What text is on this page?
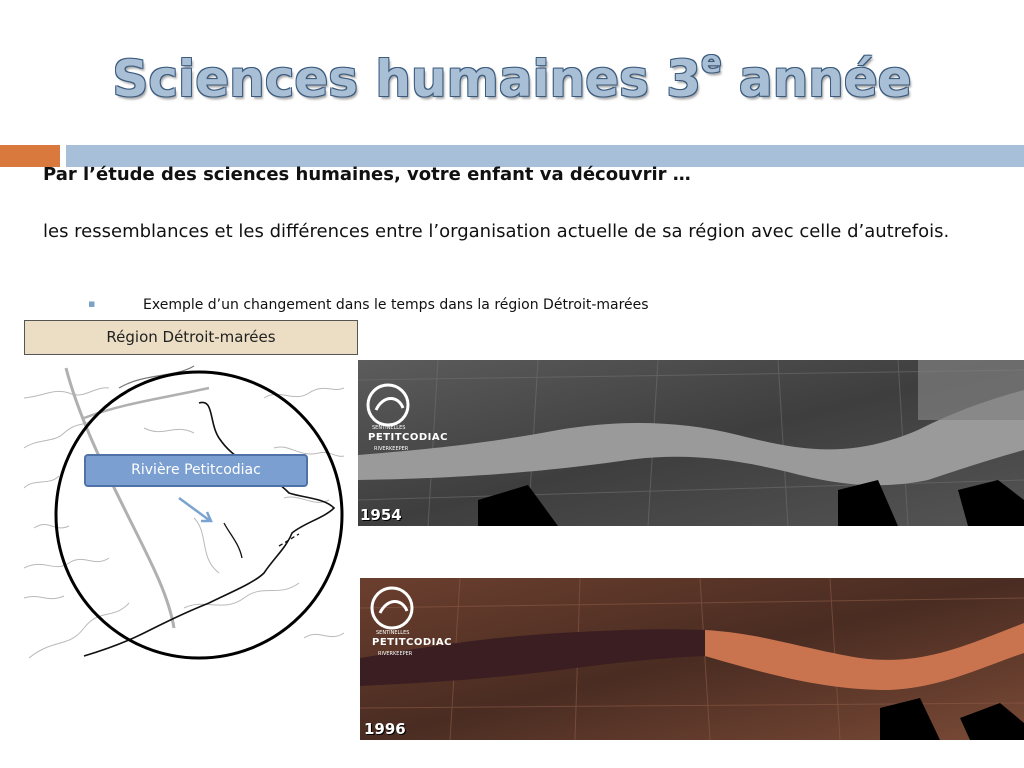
Sciences humaines 3e année
Par l’étude des sciences humaines, votre enfant va découvrir …
les ressemblances et les différences entre l’organisation actuelle de sa région avec celle d’autrefois.
▪	Exemple d’un changement dans le temps dans la région Détroit-marées
Région Détroit-marées
Rivière Petitcodiac
SENTINELLES
PETITCODIAC
RIVERKEEPER
1954
SENTINELLES
PETITCODIAC
RIVERKEEPER
1996
